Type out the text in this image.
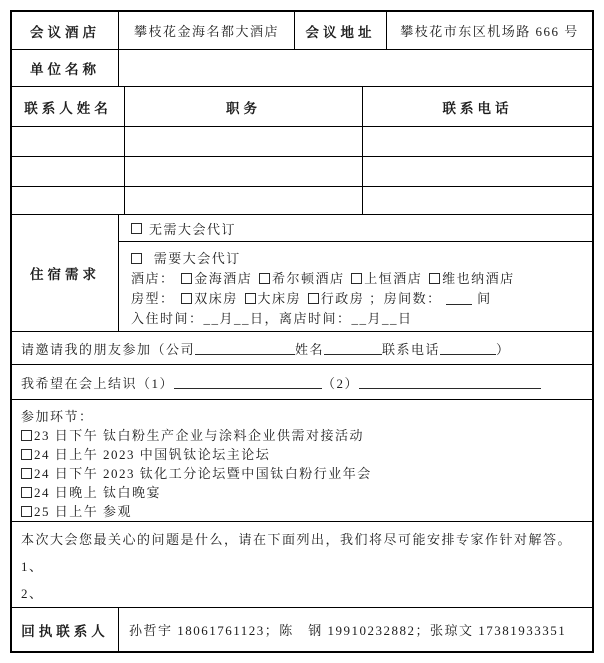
会议酒店	攀枝花金海名都大酒店	会议地址	攀枝花市东区机场路 666 号
单位名称
联系人姓名	职务	联系电话
住宿需求
无需大会代订
需要大会代订
酒店： 金海酒店 希尔顿酒店 上恒酒店 维也纳酒店
房型： 双床房 大床房 行政房 ；房间数：	间
入住时间：__月__日，离店时间：__月__日
请邀请我的朋友参加（公司	姓名	联系电话	）
我希望在会上结识（1）	（2）
参加环节：
23 日下午 钛白粉生产企业与涂料企业供需对接活动
24 日上午 2023 中国钒钛论坛主论坛
24 日下午 2023 钛化工分论坛暨中国钛白粉行业年会
24 日晚上 钛白晚宴
25 日上午 参观
本次大会您最关心的问题是什么，请在下面列出，我们将尽可能安排专家作针对解答。
1、
2、
回执联系人	孙哲宇 18061761123；陈　钢 19910232882；张琼文 17381933351
